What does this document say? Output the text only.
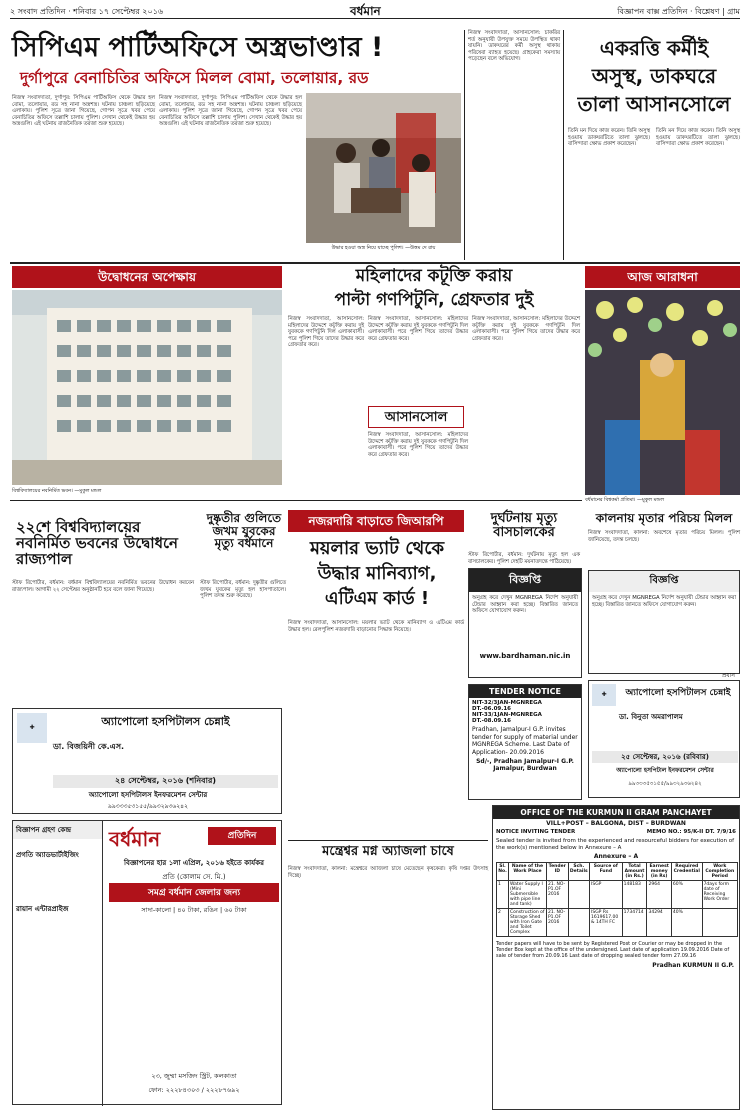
২ সংবাদ প্রতিদিন · শনিবার ১৭ সেপ্টেম্বর ২০১৬	বর্ধমান	বিজ্ঞাপন বাক্স প্রতিদিন · বিশ্লেষণ | গ্রাম
সিপিএম পার্টিঅফিসে অস্ত্রভাণ্ডার !
দুর্গাপুরে বেনাচিতির অফিসে মিলল বোমা, তলোয়ার, রড
নিজস্ব সংবাদদাতা, দুর্গাপুর: সিপিএম পার্টিঅফিস থেকে উদ্ধার হল বোমা, তলোয়ার, রড সহ নানা অস্ত্রশস্ত্র। ঘটনায় চাঞ্চল্য ছড়িয়েছে এলাকায়। পুলিশ সূত্রে জানা গিয়েছে, গোপন সূত্রে খবর পেয়ে বেনাচিতির অফিসে তল্লাশি চালায় পুলিশ। সেখান থেকেই উদ্ধার হয় অস্ত্রগুলি। এই ঘটনায় রাজনৈতিক তরজা শুরু হয়েছে।
নিজস্ব সংবাদদাতা, দুর্গাপুর: সিপিএম পার্টিঅফিস থেকে উদ্ধার হল বোমা, তলোয়ার, রড সহ নানা অস্ত্রশস্ত্র। ঘটনায় চাঞ্চল্য ছড়িয়েছে এলাকায়। পুলিশ সূত্রে জানা গিয়েছে, গোপন সূত্রে খবর পেয়ে বেনাচিতির অফিসে তল্লাশি চালায় পুলিশ। সেখান থেকেই উদ্ধার হয় অস্ত্রগুলি। এই ঘটনায় রাজনৈতিক তরজা শুরু হয়েছে।
উদ্ধার হওয়া অস্ত্র নিয়ে যাচ্ছে পুলিশ। —উত্তম দে রায়
নিজস্ব সংবাদদাতা, আসানসোল: চাকরির শর্ত অনুযায়ী উপযুক্ত সময়ে উপস্থিত থাকা যায়নি। ডাকঘরের কর্মী অসুস্থ থাকায় পরিষেবা ব্যাহত হয়েছে। গ্রাহকেরা সমস্যায় পড়েছেন বলে অভিযোগ।	একরত্তি কর্মীই
অসুস্থ, ডাকঘরে
তালা আসানসোলে
তিনি মন দিয়ে কাজ করেন। তিনি অসুস্থ হওয়ায় ডাকঘরটিতে তালা ঝুলছে। বাসিন্দারা ক্ষোভ প্রকাশ করেছেন।
তিনি মন দিয়ে কাজ করেন। তিনি অসুস্থ হওয়ায় ডাকঘরটিতে তালা ঝুলছে। বাসিন্দারা ক্ষোভ প্রকাশ করেছেন।
উদ্বোধনের অপেক্ষায়	আজ আরাধনা
মহিলাদের কটূক্তি করায়
পাল্টা গণপিটুনি, গ্রেফতার দুই
বিশ্ববিদ্যালয়ের নবনির্মিত ভবন। —মুকুল মন্ডল
নিজস্ব সংবাদদাতা, আসানসোল: মহিলাদের উদ্দেশে কটূক্তি করায় দুই যুবককে গণপিটুনি দিল এলাকাবাসী। পরে পুলিশ গিয়ে তাদের উদ্ধার করে গ্রেফতার করে।
আসানসোল
নিজস্ব সংবাদদাতা, আসানসোল: মহিলাদের উদ্দেশে কটূক্তি করায় দুই যুবককে গণপিটুনি দিল এলাকাবাসী। পরে পুলিশ গিয়ে তাদের উদ্ধার করে গ্রেফতার করে।
নিজস্ব সংবাদদাতা, আসানসোল: মহিলাদের উদ্দেশে কটূক্তি করায় দুই যুবককে গণপিটুনি দিল এলাকাবাসী। পরে পুলিশ গিয়ে তাদের উদ্ধার করে গ্রেফতার করে।
নিজস্ব সংবাদদাতা, আসানসোল: মহিলাদের উদ্দেশে কটূক্তি করায় দুই যুবককে গণপিটুনি দিল এলাকাবাসী। পরে পুলিশ গিয়ে তাদের উদ্ধার করে গ্রেফতার করে।
বর্ধমানের বিশ্বকর্মা প্রতিমা। —মুকুল মন্ডল
২২শে বিশ্ববিদ্যালয়ের নবনির্মিত ভবনের উদ্বোধনে রাজ্যপাল
স্টাফ রিপোর্টার, বর্ধমান: বর্ধমান বিশ্ববিদ্যালয়ের নবনির্মিত ভবনের উদ্বোধন করবেন রাজ্যপাল। আগামী ২২ সেপ্টেম্বর অনুষ্ঠানটি হবে বলে জানা গিয়েছে।
দুষ্কৃতীর গুলিতে জখম যুবকের মৃত্যু বর্ধমানে
স্টাফ রিপোর্টার, বর্ধমান: দুষ্কৃতীর গুলিতে জখম যুবকের মৃত্যু হল হাসপাতালে। পুলিশ তদন্ত শুরু করেছে।
নজরদারি বাড়াতে জিআরপি
ময়লার ভ্যাট থেকে
উদ্ধার মানিব্যাগ,
এটিএম কার্ড !
নিজস্ব সংবাদদাতা, আসানসোল: ময়লার ভ্যাট থেকে মানিব্যাগ ও এটিএম কার্ড উদ্ধার হল। রেলপুলিশ নজরদারি বাড়ানোর সিদ্ধান্ত নিয়েছে।
দুর্ঘটনায় মৃত্যু বাসচালকের
স্টাফ রিপোর্টার, বর্ধমান: দুর্ঘটনায় মৃত্যু হল এক বাসচালকের। পুলিশ দেহটি ময়নাতদন্তে পাঠিয়েছে।
কালনায় মৃতার পরিচয় মিলল
নিজস্ব সংবাদদাতা, কালনা: অবশেষে মৃতার পরিচয় মিলল। পুলিশ জানিয়েছে, তদন্ত চলছে।
বিজ্ঞপ্তি
অনুগ্রহ করে দেখুন MGNREGA নির্দেশ অনুযায়ী টেন্ডার আহ্বান করা হচ্ছে। বিস্তারিত জানতে অফিসে যোগাযোগ করুন।
প্রধান
বিজ্ঞপ্তি
অনুগ্রহ করে দেখুন MGNREGA নির্দেশ অনুযায়ী টেন্ডার আহ্বান করা হচ্ছে। বিস্তারিত জানতে অফিসে যোগাযোগ করুন।
www.bardhaman.nic.in
✚	অ্যাপোলো হসপিটালস চেন্নাই
ডা. বিজয়িনী কে.এস.
২৪ সেপ্টেম্বর, ২০১৬ (শনিবার)
অ্যাপোলো হসপিটালস ইনফরমেশন সেন্টার
৯৯৩৩৩৫৩১৫৫/৯৯৩২৯৩৬২৪২
TENDER NOTICE
NIT-32/3JAN-MGNREGA DT.-06.09.16
NIT-33/1JAN-MGNREGA DT.-08.09.16
Pradhan, Jamalpur-I G.P. invites tender for supply of material under MGNREGA Scheme. Last Date of Application- 20.09.2016
Sd/-, Pradhan Jamalpur-I G.P. Jamalpur, Burdwan
✚	অ্যাপোলো হসপিটালস চেন্নাই
ডা. বিনুতা অমরাপালম
২৫ সেপ্টেম্বর, ২০১৬ (রবিবার)
অ্যাপোলো হসপিটাল ইনফরমেশন সেন্টার
৯৯৩৩৩৫৩১৫৫/৯৯৩২৯৩৬২৪২
বিজ্ঞাপন গ্রহণ কেন্দ্র
প্রগতি অ্যাডভার্টাইজিং
রায়ান এন্টারপ্রাইজ
বর্ধমান	প্রতিদিন
বিজ্ঞাপনের হার ১লা এপ্রিল, ২০১৬ হইতে কার্যকর
প্রতি (কোলাম সে. মি.)
সমগ্র বর্ধমান জেলার জন্য
সাদা-কালো | ৪০ টাকা, রঙিন | ৬০ টাকা
২৩, জুম্মা মসজিদ স্ট্রিট, কলকাতা
ফোন: ২২২৮৪৩০৩ / ২২২৮৭৬৯২
মন্ত্রেশ্বর মগ্ন অ্যাজলা চাষে
নিজস্ব সংবাদদাতা, কালনা: মন্ত্রেশ্বরে অ্যাজলা চাষে মেতেছেন কৃষকেরা। কৃষি দপ্তর উৎসাহ দিচ্ছে।
OFFICE OF THE KURMUN II GRAM PANCHAYET
VILL+POST – BALGONA, DIST – BURDWAN
NOTICE INVITING TENDER	MEMO NO.: 95/K-II DT. 7/9/16
Sealed tender is invited from the experienced and resourceful bidders for execution of the work(s) mentioned below in Annexure – A
Annexure – A
Sl. No.	Name of the Work Place	Tender ID	Sch. Details	Source of Fund	Total Amount (in Rs.)	Earnest money (in Rs)	Required Credential	Work Completion Period
1	Water Supply I (Mini Submersible with pipe line and tank)	21. NO-P1.OF 2016		ISGP	148183	2964	60%	7days form date of Receiving Work Order
2	Construction of Storage Shed with Iron Gate and Toilet Complex	21. NO-P1.OF 2016		ISGP Rs 1619617.00 & 14TH FC	1734714	34294	40%	
Tender papers will have to be sent by Registered Post or Courier or may be dropped in the Tender Box kept at the office of the undersigned. Last date of application 19.09.2016 Date of sale of tender from 20.09.16 Last date of dropping sealed tender form 27.09.16
Pradhan KURMUN II G.P.
